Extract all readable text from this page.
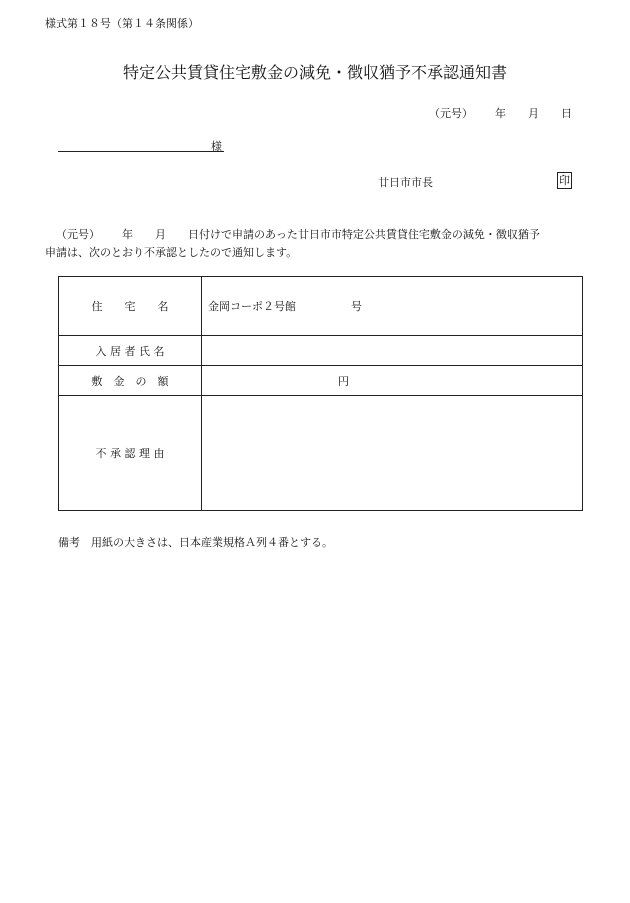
様式第１８号（第１４条関係）
特定公共賃貸住宅敷金の減免・徴収猶予不承認通知書
（元号） 年 月 日
様
廿日市市長	印
（元号） 年 月 日付けで申請のあった廿日市市特定公共賃貸住宅敷金の減免・徴収猶予
申請は、次のとおり不承認としたので通知します。
住　　宅　　名	金岡コーポ２号館 号
入 居 者 氏 名	
敷　金　の　額	円
不 承 認 理 由	
備考　用紙の大きさは、日本産業規格Ａ列４番とする。
